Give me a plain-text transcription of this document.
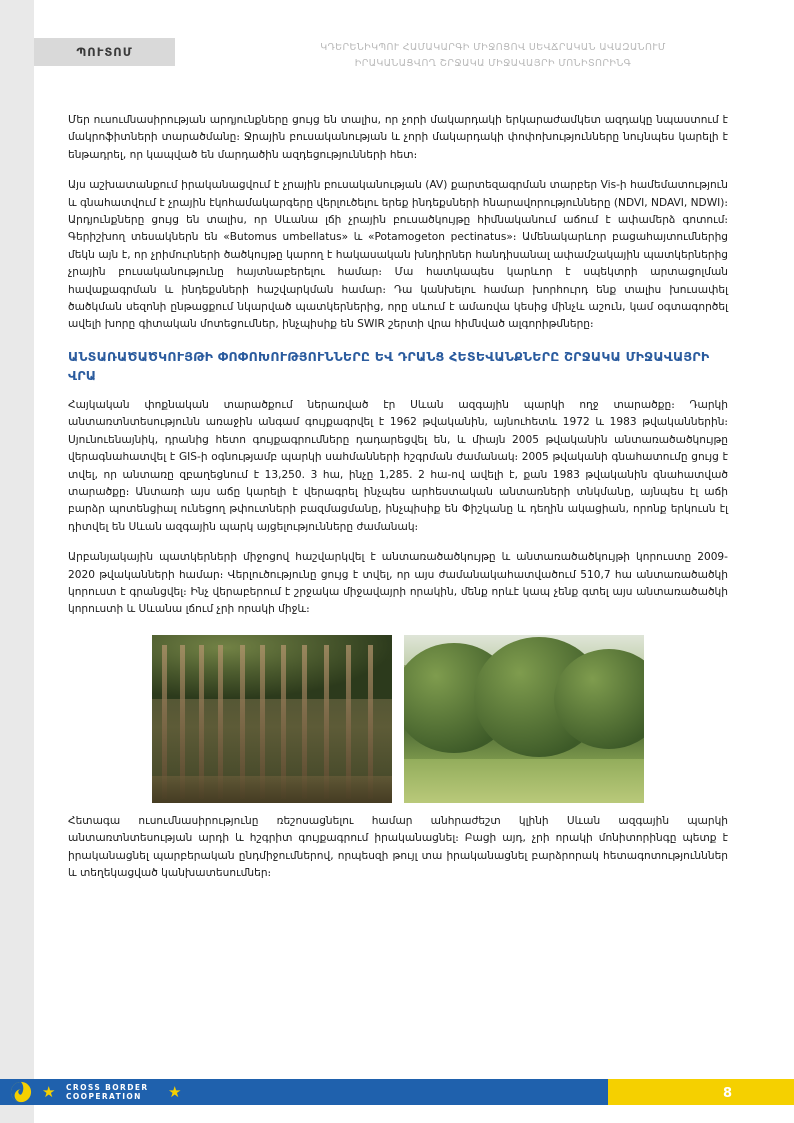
ՊՈՒՏՈՄ	ԿԴԵՐԵՆԻԿՊՈՒ ՀԱՄԱԿԱՐԳԻ ՄԻՋՈՑՈՎ ՍԵՎՃՐԱԿԱՆ ԱՎԱԶԱՆՈՒՄ
ԻՐԱԿԱՆԱՑՎՈՂ ՇՐՋԱԿԱ ՄԻՋԱՎԱՅՐԻ ՄՈՆԻՏՈՐԻՆԳ

Մեր ուսումնասիրության արդյունքները ցույց են տալիս, որ չորի մակարդակի երկարաժամկետ ազդակը նպաստում է մակրոֆիտների տարածմանը։ Ջրային բուսականության և չորի մակարդակի փոփոխությունները նույնպես կարելի է ենթադրել, որ կապված են մարդածին ազդեցությունների հետ։

Այս աշխատանքում իրականացվում է չրային բուսականության (AV) քարտեզագրման տարբեր Vis-ի համեմատություն և գնահատվում է չրային էկոհամակարգերը վերլուծելու երեք ինդեքսների հնարավորությունները (NDVI, NDAVI, NDWI)։ Արդյունքները ցույց են տալիս, որ Սևանա լճի չրային բուսածկույթը հիմնականում աճում է ափամերձ գոտում։ Գերիշխող տեսակներն են «Butomus umbellatus» և «Potamogeton pectinatus»։ Ամենակարևոր բացահայտումներից մեկն այն է, որ չրիմուրների ծածկույթը կարող է հակասական խնդիրներ հանդիսանալ ափամշակային պատկերներից չրային բուսականությունը հայտնաբերելու համար։ Մա հատկապես կարևոր է սպեկտրի արտացոլման հավաքագրման և ինդեքսների հաշվարկման համար։ Դա կանխելու համար խորհուրդ ենք տալիս խուսափել ծածկման սեզոնի ընթացքում նկարված պատկերներից, որը սևում է ամառվա կեսից մինչև աշուն, կամ օգտագործել ավելի խորը գիտական մոտեցումներ, ինչպիսիք են SWIR շերտի վրա հիմնված ալգորիթմները։

ԱՆՏԱՌԱԾԱԾԿՈՒՅԹԻ ՓՈՓՈԽՈՒԹՅՈՒՆՆԵՐԸ ԵՎ ԴՐԱՆՑ ՀԵՏԵՎԱՆՔՆԵՐԸ ՇՐՋԱԿԱ ՄԻՋԱՎԱՅՐԻ ՎՐԱ

Հայկական փոքնական տարածքում ներառված էր Սևան ազգային պարկի ողջ տարածքը։ Դարկի անտառտնտեսությունն առաջին անգամ գույքագրվել է 1962 թվականին, այնուհետև 1972 և 1983 թվականներին։ Սյունուենայնիկ, դրանից հետո գույքագրումները դադարեցվել են, և միայն 2005 թվականին անտառածածկույթը վերագնահատվել է GIS-ի օգնությամբ պարկի սահմանների հշգրման ժամանակ։ 2005 թվականի գնահատումը ցույց է տվել, որ անտառը զբաղեցնում է 13,250. 3 հա, ինչը 1,285. 2 հա-ով ավելի է, քան 1983 թվականին գնահատված տարածքը։ Անտառի այս աճը կարելի է վերագրել ինչպես արհեստական անտառների տնկմանը, այնպես էլ աճի բարձր պոտենցիալ ունեցող թփուտների բազմացմանը, ինչպիսիք են Փիշկանը և դեղին ակացիան, որոնք երկուսն էլ դիտվել են Սևան ազգային պարկ այցելությունները ժամանակ։

Արբանյակային պատկերների միջոցով հաշվարկվել է անտառածածկույթը և անտառածածկույթի կորուստը 2009-2020 թվականների համար։ Վերլուծությունը ցույց է տվել, որ այս ժամանակահատվածում 510,7 հա անտառածածկի կորուստ է գրանցվել։ Ինչ վերաբերում է շրջակա միջավայրի որակին, մենք որևէ կապ չենք գտել այս անտառածածկի կորուստի և Սևանա լճում չրի որակի միջև։

Հետագա ուսումնասիրությունը ռեշոսացնելու համար անհրաժեշտ կլինի Սևան ազգային պարկի անտառտնտեսության արդի և հշգրիտ գույքագրում իրականացնել։ Բացի այդ, չրի որակի մոնիտորինգը պետք է իրականացնել պարբերական ընդմիջումներով, որպեսզի թույլ տա իրականացնել բարձրորակ հետագոտությունններ և տեղեկացված կանխատեսումներ։

★	★
CROSS BORDER
COOPERATION	8
